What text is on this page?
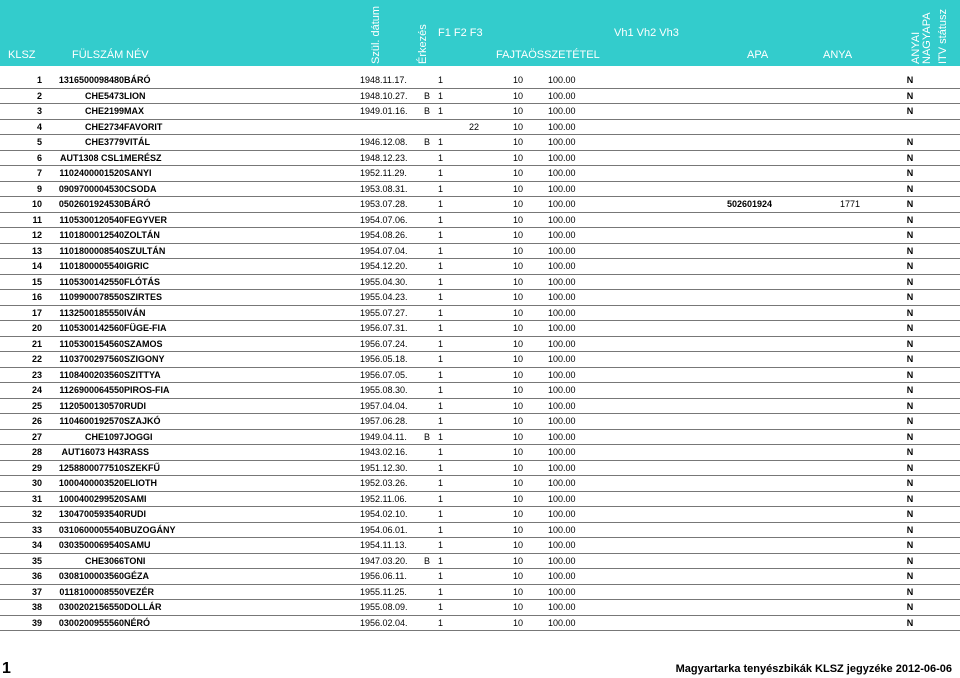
KLSZ	FÜLSZÁM NÉV	Szül. dátum	Érkezés F1 F2 F3
FAJTAÖSSZETÉTEL
Vh1 Vh2 Vh3
APA	ANYA	ANYAI NAGYAPA ITV státusz
1	1316500098480	BÁRÓ	1948.11.17.		1		10	100.00			N
2	CHE5473	LION	1948.10.27.	B	1		10	100.00			N
3	CHE2199	MAX	1949.01.16.	B	1		10	100.00			N
4	CHE2734	FAVORIT				22	10	100.00			
5	CHE3779	VITÁL	1946.12.08.	B	1		10	100.00			N
6	AUT1308 CSL1	MERÉSZ	1948.12.23.		1		10	100.00			N
7	1102400001520	SANYI	1952.11.29.		1		10	100.00			N
9	0909700004530	CSODA	1953.08.31.		1		10	100.00			N
10	0502601924530	BÁRÓ	1953.07.28.		1		10	100.00	502601924	1771	N
11	1105300120540	FEGYVER	1954.07.06.		1		10	100.00			N
12	1101800012540	ZOLTÁN	1954.08.26.		1		10	100.00			N
13	1101800008540	SZULTÁN	1954.07.04.		1		10	100.00			N
14	1101800005540	IGRIC	1954.12.20.		1		10	100.00			N
15	1105300142550	FLÓTÁS	1955.04.30.		1		10	100.00			N
16	1109900078550	SZIRTES	1955.04.23.		1		10	100.00			N
17	1132500185550	IVÁN	1955.07.27.		1		10	100.00			N
20	1105300142560	FÜGE-FIA	1956.07.31.		1		10	100.00			N
21	1105300154560	SZAMOS	1956.07.24.		1		10	100.00			N
22	1103700297560	SZIGONY	1956.05.18.		1		10	100.00			N
23	1108400203560	SZITTYA	1956.07.05.		1		10	100.00			N
24	1126900064550	PIROS-FIA	1955.08.30.		1		10	100.00			N
25	1120500130570	RUDI	1957.04.04.		1		10	100.00			N
26	1104600192570	SZAJKÓ	1957.06.28.		1		10	100.00			N
27	CHE1097	JOGGI	1949.04.11.	B	1		10	100.00			N
28	AUT16073 H43	RASS	1943.02.16.		1		10	100.00			N
29	1258800077510	SZEKFŰ	1951.12.30.		1		10	100.00			N
30	1000400003520	ELIOTH	1952.03.26.		1		10	100.00			N
31	1000400299520	SAMI	1952.11.06.		1		10	100.00			N
32	1304700593540	RUDI	1954.02.10.		1		10	100.00			N
33	0310600005540	BUZOGÁNY	1954.06.01.		1		10	100.00			N
34	0303500069540	SAMU	1954.11.13.		1		10	100.00			N
35	CHE3066	TONI	1947.03.20.	B	1		10	100.00			N
36	0308100003560	GÉZA	1956.06.11.		1		10	100.00			N
37	0118100008550	VEZÉR	1955.11.25.		1		10	100.00			N
38	0300202156550	DOLLÁR	1955.08.09.		1		10	100.00			N
39	0300200955560	NÉRÓ	1956.02.04.		1		10	100.00			N
1	Magyartarka tenyészbikák KLSZ jegyzéke 2012-06-06
